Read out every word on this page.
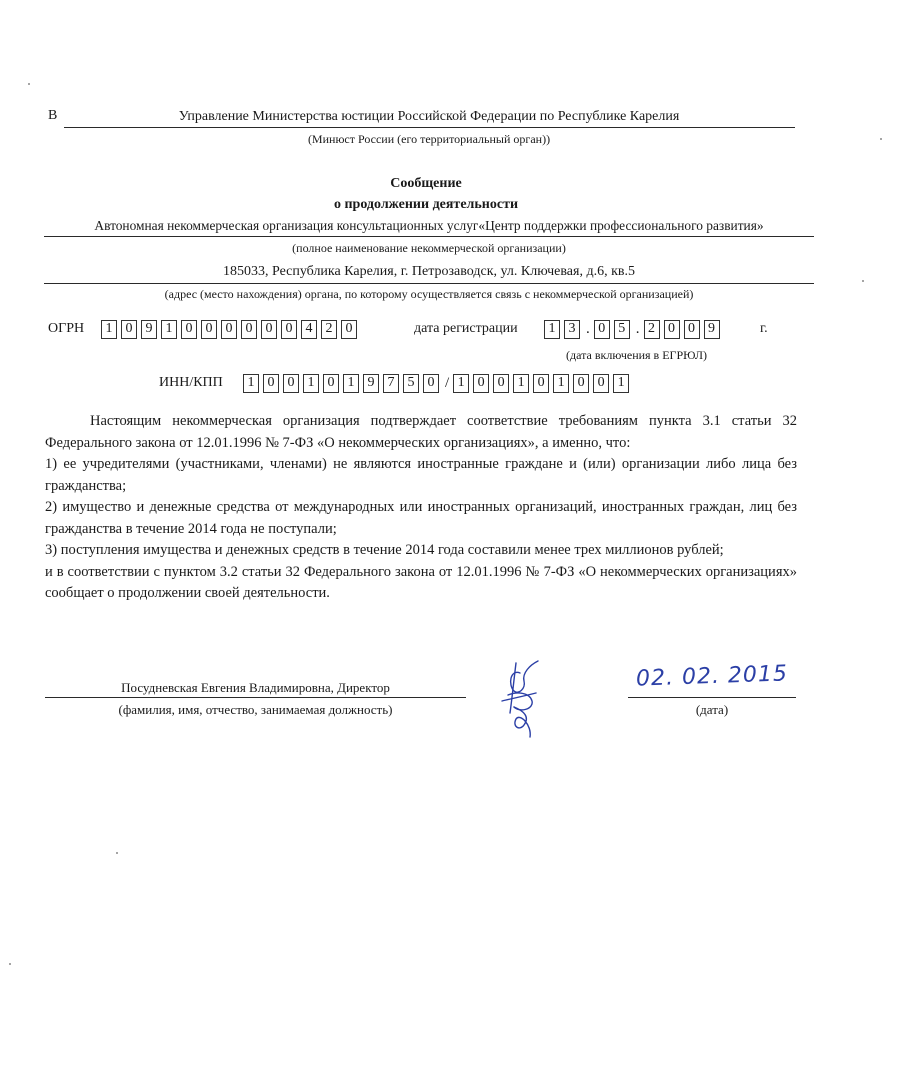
В	Управление Министерства юстиции Российской Федерации по Республике Карелия
(Минюст России (его территориальный орган))
Сообщение
о продолжении деятельности
Автономная некоммерческая организация консультационных услуг«Центр поддержки профессионального развития»
(полное наименование некоммерческой организации)
185033, Республика Карелия, г. Петрозаводск, ул. Ключевая, д.6, кв.5
(адрес (место нахождения) органа, по которому осуществляется связь с некоммерческой организацией)
ОГРН	1 0 9 1 0 0 0 0 0 0 4 2 0	дата регистрации	1 3 . 0 5 . 2 0 0 9	г.
(дата включения в ЕГРЮЛ)
ИНН/КПП	1 0 0 1 0 1 9 7 5 0 / 1 0 0 1 0 1 0 0 1

Настоящим некоммерческая организация подтверждает соответствие требованиям пункта 3.1 статьи 32 Федерального закона от 12.01.1996 № 7-ФЗ «О некоммерческих организациях», а именно, что:

1) ее учредителями (участниками, членами) не являются иностранные граждане и (или) организации либо лица без гражданства;

2) имущество и денежные средства от международных или иностранных организаций, иностранных граждан, лиц без гражданства в течение 2014 года не поступали;

3) поступления имущества и денежных средств в течение 2014 года составили менее трех миллионов рублей;

и в соответствии с пунктом 3.2 статьи 32 Федерального закона от 12.01.1996 № 7-ФЗ «О некоммерческих организациях» сообщает о продолжении своей деятельности.

Посудневская Евгения Владимировна, Директор
(фамилия, имя, отчество, занимаемая должность)
02. 02. 2015
(дата)
